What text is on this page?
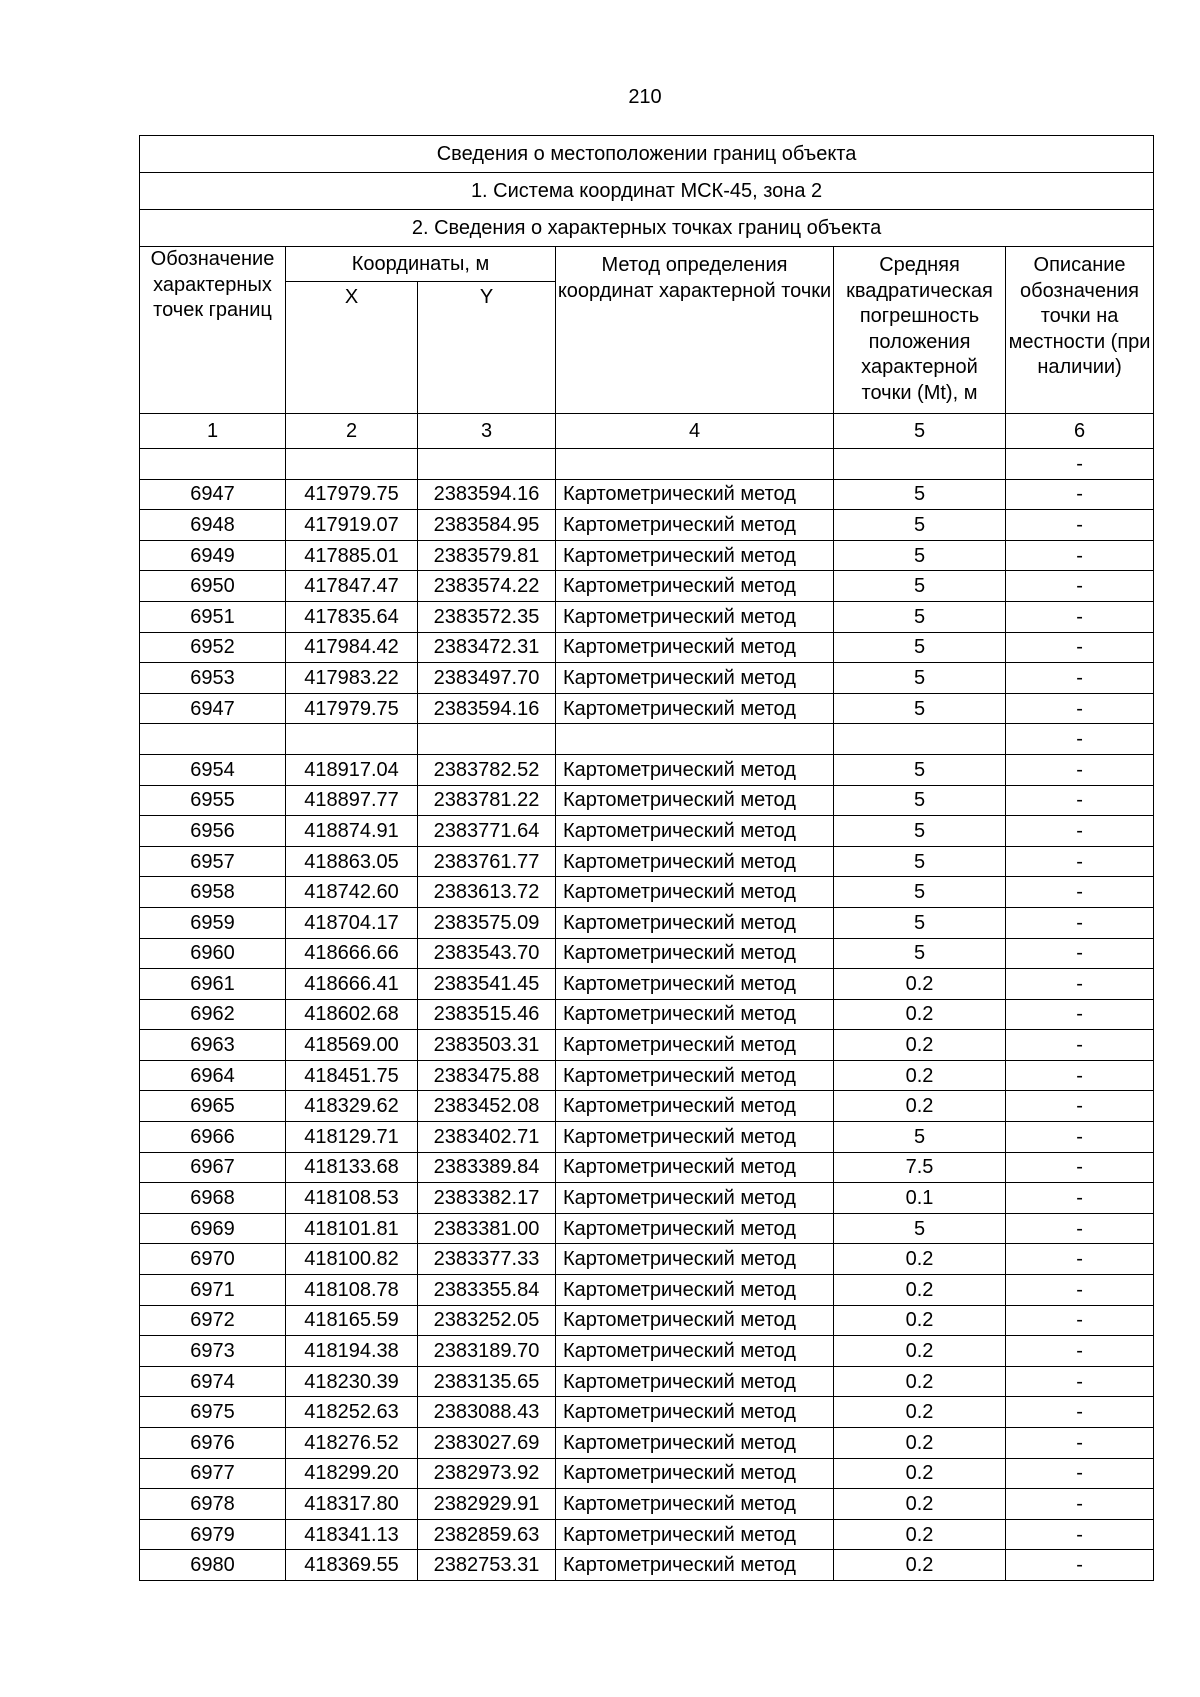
210
Сведения о местоположении границ объекта					
1. Система координат МСК-45, зона 2					
2. Сведения о характерных точках границ объекта					
Обозначение характерных точек границ	Координаты, м		Метод определения координат характерной точки	Средняя квадратическая погрешность положения характерной точки (Mt), м	Описание обозначения точки на местности (при наличии)
	X	Y			
1	2	3	4	5	6
					-
6947	417979.75	2383594.16	Картометрический метод	5	-
6948	417919.07	2383584.95	Картометрический метод	5	-
6949	417885.01	2383579.81	Картометрический метод	5	-
6950	417847.47	2383574.22	Картометрический метод	5	-
6951	417835.64	2383572.35	Картометрический метод	5	-
6952	417984.42	2383472.31	Картометрический метод	5	-
6953	417983.22	2383497.70	Картометрический метод	5	-
6947	417979.75	2383594.16	Картометрический метод	5	-
					-
6954	418917.04	2383782.52	Картометрический метод	5	-
6955	418897.77	2383781.22	Картометрический метод	5	-
6956	418874.91	2383771.64	Картометрический метод	5	-
6957	418863.05	2383761.77	Картометрический метод	5	-
6958	418742.60	2383613.72	Картометрический метод	5	-
6959	418704.17	2383575.09	Картометрический метод	5	-
6960	418666.66	2383543.70	Картометрический метод	5	-
6961	418666.41	2383541.45	Картометрический метод	0.2	-
6962	418602.68	2383515.46	Картометрический метод	0.2	-
6963	418569.00	2383503.31	Картометрический метод	0.2	-
6964	418451.75	2383475.88	Картометрический метод	0.2	-
6965	418329.62	2383452.08	Картометрический метод	0.2	-
6966	418129.71	2383402.71	Картометрический метод	5	-
6967	418133.68	2383389.84	Картометрический метод	7.5	-
6968	418108.53	2383382.17	Картометрический метод	0.1	-
6969	418101.81	2383381.00	Картометрический метод	5	-
6970	418100.82	2383377.33	Картометрический метод	0.2	-
6971	418108.78	2383355.84	Картометрический метод	0.2	-
6972	418165.59	2383252.05	Картометрический метод	0.2	-
6973	418194.38	2383189.70	Картометрический метод	0.2	-
6974	418230.39	2383135.65	Картометрический метод	0.2	-
6975	418252.63	2383088.43	Картометрический метод	0.2	-
6976	418276.52	2383027.69	Картометрический метод	0.2	-
6977	418299.20	2382973.92	Картометрический метод	0.2	-
6978	418317.80	2382929.91	Картометрический метод	0.2	-
6979	418341.13	2382859.63	Картометрический метод	0.2	-
6980	418369.55	2382753.31	Картометрический метод	0.2	-
